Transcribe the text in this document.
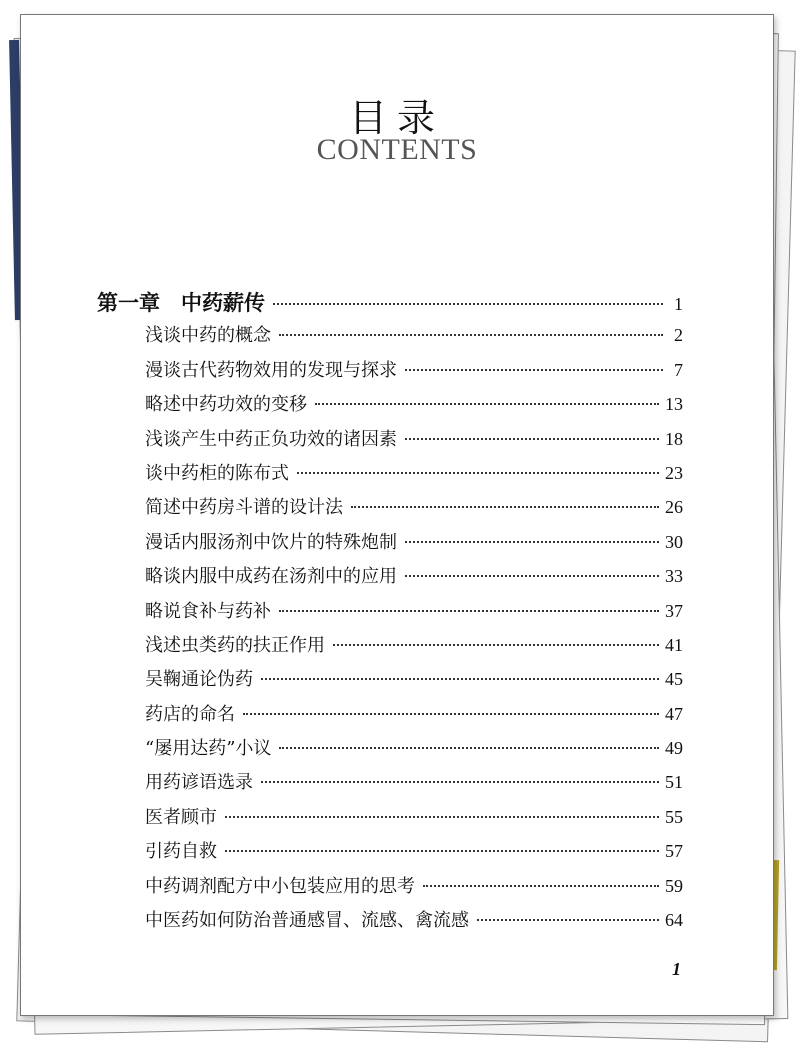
目录
CONTENTS
第一章　中药薪传	1
浅谈中药的概念	2
漫谈古代药物效用的发现与探求	7
略述中药功效的变移	13
浅谈产生中药正负功效的诸因素	18
谈中药柜的陈布式	23
简述中药房斗谱的设计法	26
漫话内服汤剂中饮片的特殊炮制	30
略谈内服中成药在汤剂中的应用	33
略说食补与药补	37
浅述虫类药的扶正作用	41
吴鞠通论伪药	45
药店的命名	47
“屡用达药”小议	49
用药谚语选录	51
医者顾市	55
引药自救	57
中药调剂配方中小包装应用的思考	59
中医药如何防治普通感冒、流感、禽流感	64
1
